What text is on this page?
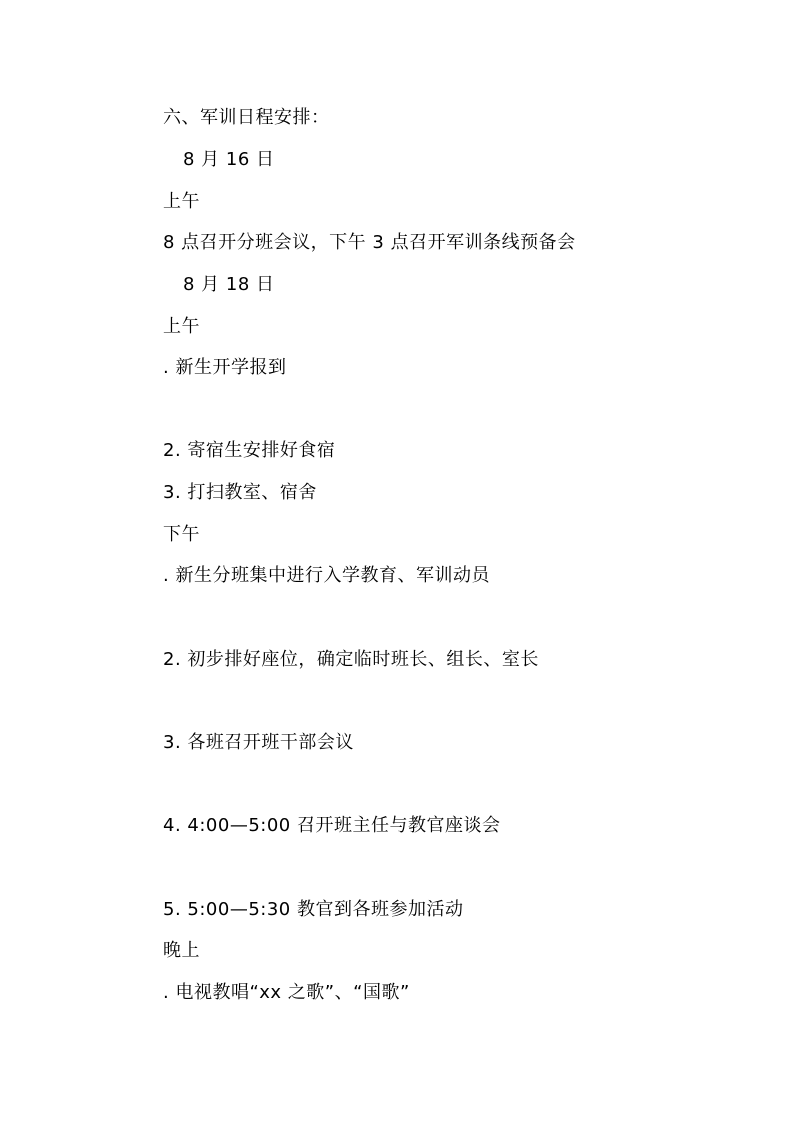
六、军训日程安排：
8 月 16 日
上午
8 点召开分班会议，下午 3 点召开军训条线预备会
8 月 18 日
上午
. 新生开学报到
2. 寄宿生安排好食宿
3. 打扫教室、宿舍
下午
. 新生分班集中进行入学教育、军训动员
2. 初步排好座位，确定临时班长、组长、室长
3. 各班召开班干部会议
4. 4:00—5:00 召开班主任与教官座谈会
5. 5:00—5:30 教官到各班参加活动
晚上
. 电视教唱“xx 之歌”、“国歌”
